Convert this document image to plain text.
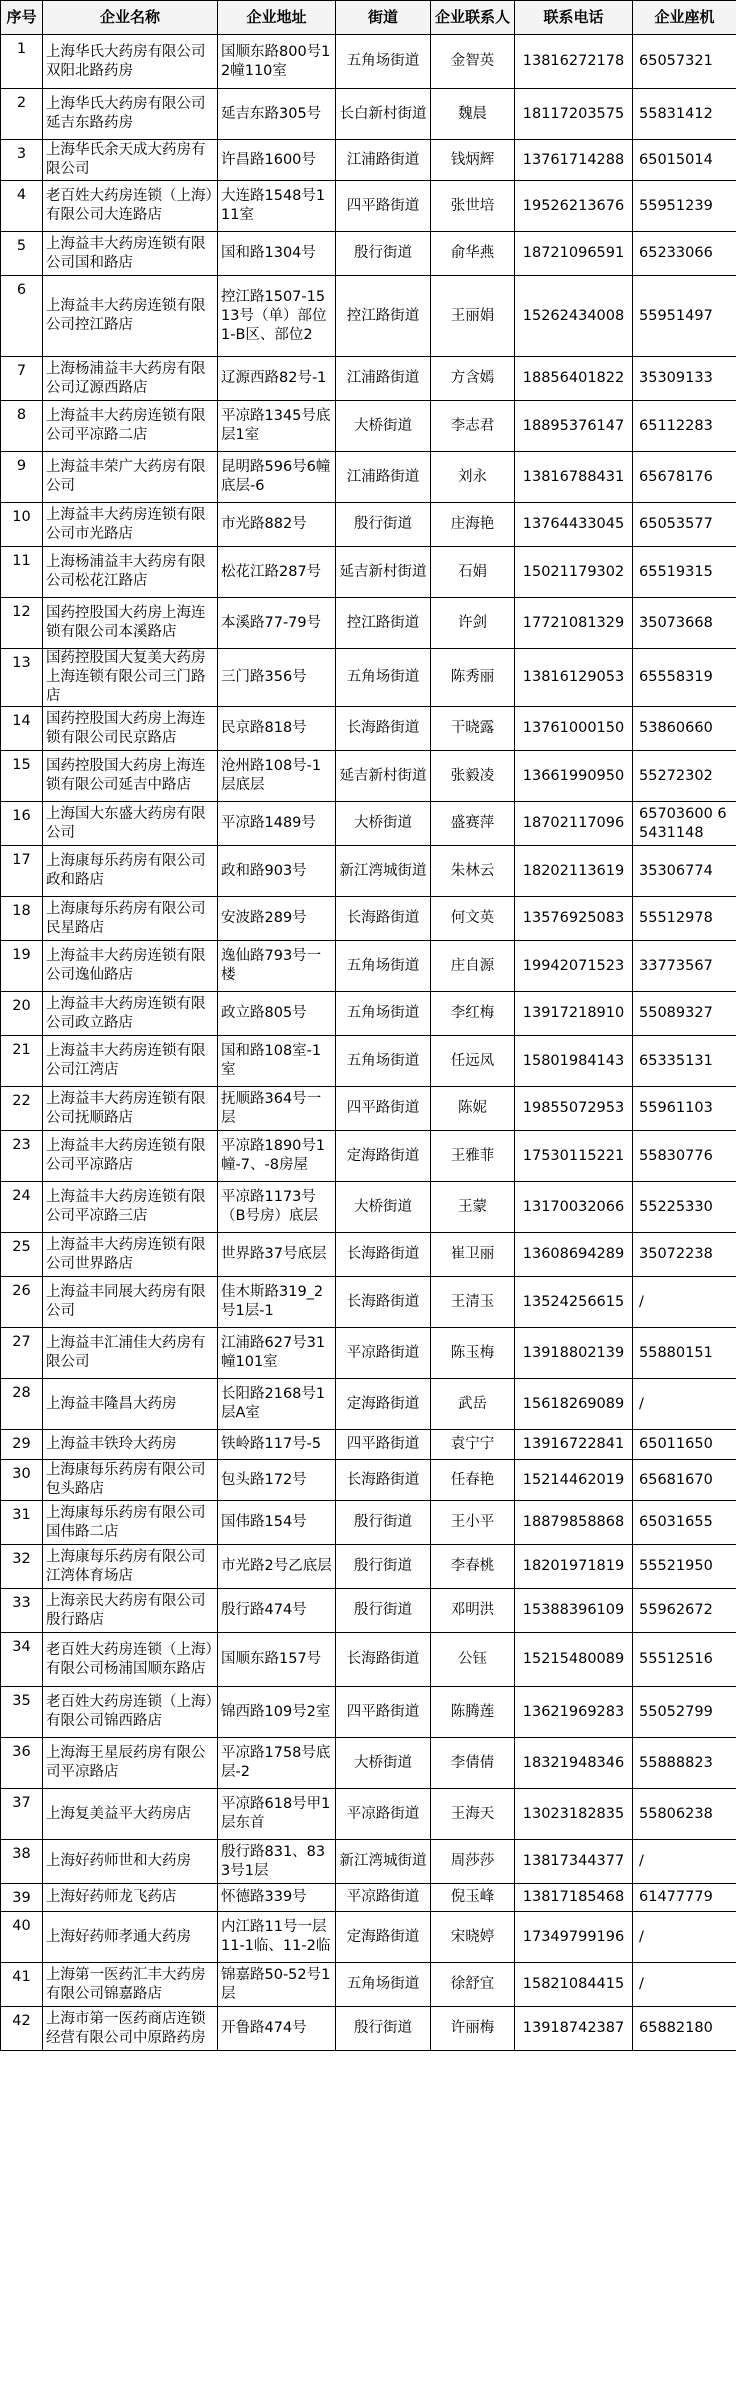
序号	企业名称	企业地址	街道	企业联系人	联系电话	企业座机
1	上海华氏大药房有限公司双阳北路药房	国顺东路800号12幢110室	五角场街道	金智英	13816272178	65057321
2	上海华氏大药房有限公司延吉东路药房	延吉东路305号	长白新村街道	魏晨	18117203575	55831412
3	上海华氏余天成大药房有限公司	许昌路1600号	江浦路街道	钱炳辉	13761714288	65015014
4	老百姓大药房连锁（上海）有限公司大连路店	大连路1548号111室	四平路街道	张世培	19526213676	55951239
5	上海益丰大药房连锁有限公司国和路店	国和路1304号	殷行街道	俞华燕	18721096591	65233066
6	上海益丰大药房连锁有限公司控江路店	控江路1507-1513号（单）部位1-B区、部位2	控江路街道	王丽娟	15262434008	55951497
7	上海杨浦益丰大药房有限公司辽源西路店	辽源西路82号-1	江浦路街道	方含嫣	18856401822	35309133
8	上海益丰大药房连锁有限公司平凉路二店	平凉路1345号底层1室	大桥街道	李志君	18895376147	65112283
9	上海益丰荣广大药房有限公司	昆明路596号6幢底层-6	江浦路街道	刘永	13816788431	65678176
10	上海益丰大药房连锁有限公司市光路店	市光路882号	殷行街道	庄海艳	13764433045	65053577
11	上海杨浦益丰大药房有限公司松花江路店	松花江路287号	延吉新村街道	石娟	15021179302	65519315
12	国药控股国大药房上海连锁有限公司本溪路店	本溪路77-79号	控江路街道	许剑	17721081329	35073668
13	国药控股国大复美大药房上海连锁有限公司三门路店	三门路356号	五角场街道	陈秀丽	13816129053	65558319
14	国药控股国大药房上海连锁有限公司民京路店	民京路818号	长海路街道	干晓露	13761000150	53860660
15	国药控股国大药房上海连锁有限公司延吉中路店	沧州路108号-1层底层	延吉新村街道	张毅凌	13661990950	55272302
16	上海国大东盛大药房有限公司	平凉路1489号	大桥街道	盛赛萍	18702117096	65703600 65431148
17	上海康每乐药房有限公司政和路店	政和路903号	新江湾城街道	朱林云	18202113619	35306774
18	上海康每乐药房有限公司民星路店	安波路289号	长海路街道	何文英	13576925083	55512978
19	上海益丰大药房连锁有限公司逸仙路店	逸仙路793号一楼	五角场街道	庄自源	19942071523	33773567
20	上海益丰大药房连锁有限公司政立路店	政立路805号	五角场街道	李红梅	13917218910	55089327
21	上海益丰大药房连锁有限公司江湾店	国和路108室-1室	五角场街道	任远凤	15801984143	65335131
22	上海益丰大药房连锁有限公司抚顺路店	抚顺路364号一层	四平路街道	陈妮	19855072953	55961103
23	上海益丰大药房连锁有限公司平凉路店	平凉路1890号1幢-7、-8房屋	定海路街道	王雅菲	17530115221	55830776
24	上海益丰大药房连锁有限公司平凉路三店	平凉路1173号（B号房）底层	大桥街道	王蒙	13170032066	55225330
25	上海益丰大药房连锁有限公司世界路店	世界路37号底层	长海路街道	崔卫丽	13608694289	35072238
26	上海益丰同展大药房有限公司	佳木斯路319_2号1层-1	长海路街道	王清玉	13524256615	/
27	上海益丰汇浦佳大药房有限公司	江浦路627号31幢101室	平凉路街道	陈玉梅	13918802139	55880151
28	上海益丰隆昌大药房	长阳路2168号1层A室	定海路街道	武岳	15618269089	/
29	上海益丰铁玲大药房	铁岭路117号-5	四平路街道	袁宁宁	13916722841	65011650
30	上海康每乐药房有限公司包头路店	包头路172号	长海路街道	任春艳	15214462019	65681670
31	上海康每乐药房有限公司国伟路二店	国伟路154号	殷行街道	王小平	18879858868	65031655
32	上海康每乐药房有限公司江湾体育场店	市光路2号乙底层	殷行街道	李春桃	18201971819	55521950
33	上海亲民大药房有限公司殷行路店	殷行路474号	殷行街道	邓明洪	15388396109	55962672
34	老百姓大药房连锁（上海）有限公司杨浦国顺东路店	国顺东路157号	长海路街道	公钰	15215480089	55512516
35	老百姓大药房连锁（上海）有限公司锦西路店	锦西路109号2室	四平路街道	陈腾莲	13621969283	55052799
36	上海海王星辰药房有限公司平凉路店	平凉路1758号底层-2	大桥街道	李倩倩	18321948346	55888823
37	上海复美益平大药房店	平凉路618号甲1层东首	平凉路街道	王海天	13023182835	55806238
38	上海好药师世和大药房	殷行路831、833号1层	新江湾城街道	周莎莎	13817344377	/
39	上海好药师龙飞药店	怀德路339号	平凉路街道	倪玉峰	13817185468	61477779
40	上海好药师孝通大药房	内江路11号一层11-1临、11-2临	定海路街道	宋晓婷	17349799196	/
41	上海第一医药汇丰大药房有限公司锦嘉路店	锦嘉路50-52号1层	五角场街道	徐舒宜	15821084415	/
42	上海市第一医药商店连锁经营有限公司中原路药房	开鲁路474号	殷行街道	许丽梅	13918742387	65882180
